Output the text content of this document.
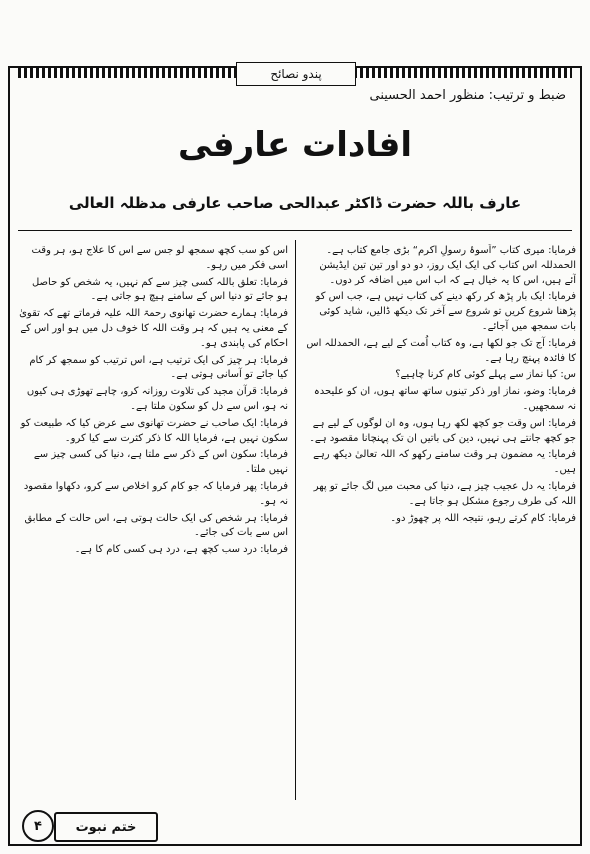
پندو نصائح
ضبط و ترتیب: منظور احمد الحسینی
افادات عارفی
عارف باللہ حضرت ڈاکٹر عبدالحی صاحب عارفی مدظلہ العالی

فرمایا: میری کتاب ”اُسوۂ رسولِ اکرم“ بڑی جامع کتاب ہے۔ الحمدللہ اس کتاب کی ایک ایک روز، دو دو اور تین تین ایڈیشن آئے ہیں، اس کا یہ خیال ہے کہ اب اس میں اضافہ کر دوں۔

فرمایا: ایک بار پڑھ کر رکھ دینے کی کتاب نہیں ہے، جب اس کو پڑھنا شروع کریں تو شروع سے آخر تک دیکھ ڈالیں، شاید کوئی بات سمجھ میں آجائے۔

فرمایا: آج تک جو لکھا ہے، وہ کتاب اُمت کے لیے ہے، الحمدللہ اس کا فائدہ پہنچ رہا ہے۔

س: کیا نماز سے پہلے کوئی کام کرنا چاہیے؟

فرمایا: وضو، نماز اور ذکر تینوں ساتھ ساتھ ہوں، ان کو علیحدہ نہ سمجھیں۔

فرمایا: اس وقت جو کچھ لکھ رہا ہوں، وہ ان لوگوں کے لیے ہے جو کچھ جانتے ہی نہیں، دین کی باتیں ان تک پہنچانا مقصود ہے۔

فرمایا: یہ مضمون ہر وقت سامنے رکھو کہ اللہ تعالیٰ دیکھ رہے ہیں۔

فرمایا: یہ دل عجیب چیز ہے، دنیا کی محبت میں لگ جائے تو پھر اللہ کی طرف رجوع مشکل ہو جاتا ہے۔

فرمایا: کام کرتے رہو، نتیجہ اللہ پر چھوڑ دو۔

اس کو سب کچھ سمجھ لو جس سے اس کا علاج ہو، ہر وقت اسی فکر میں رہو۔

فرمایا: تعلق باللہ کسی چیز سے کم نہیں، یہ شخص کو حاصل ہو جائے تو دنیا اس کے سامنے ہیچ ہو جاتی ہے۔

فرمایا: ہمارے حضرت تھانوی رحمۃ اللہ علیہ فرماتے تھے کہ تقویٰ کے معنی یہ ہیں کہ ہر وقت اللہ کا خوف دل میں ہو اور اس کے احکام کی پابندی ہو۔

فرمایا: ہر چیز کی ایک ترتیب ہے، اس ترتیب کو سمجھ کر کام کیا جائے تو آسانی ہوتی ہے۔

فرمایا: قرآن مجید کی تلاوت روزانہ کرو، چاہے تھوڑی ہی کیوں نہ ہو، اس سے دل کو سکون ملتا ہے۔

فرمایا: ایک صاحب نے حضرت تھانوی سے عرض کیا کہ طبیعت کو سکون نہیں ہے، فرمایا اللہ کا ذکر کثرت سے کیا کرو۔

فرمایا: سکون اس کے ذکر سے ملتا ہے، دنیا کی کسی چیز سے نہیں ملتا۔

فرمایا: پھر فرمایا کہ جو کام کرو اخلاص سے کرو، دکھاوا مقصود نہ ہو۔

فرمایا: ہر شخص کی ایک حالت ہوتی ہے، اس حالت کے مطابق اس سے بات کی جائے۔

فرمایا: درد سب کچھ ہے، درد ہی کسی کام کا ہے۔

۴	ختم نبوت
